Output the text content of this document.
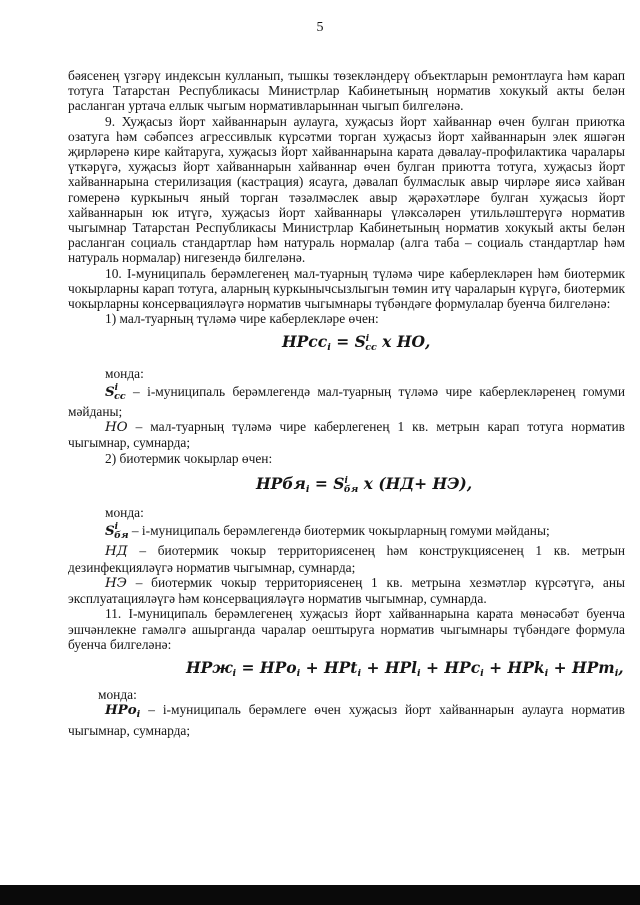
5

бәясенең үзгәрү индексын кулланып, тышкы төзекләндерү объектларын ремонтлауга һәм карап тотуга Татарстан Республикасы Министрлар Кабинетының норматив хокукый акты белән расланган уртача еллык чыгым нормативларыннан чыгып билгеләнә.

9. Хуҗасыз йорт хайваннарын аулауга, хуҗасыз йорт хайваннар өчен булган приютка озатуга һәм сәбәпсез агрессивлык күрсәтми торган хуҗасыз йорт хайваннарын элек яшәгән җирләренә кире кайтаруга, хуҗасыз йорт хайваннарына карата дәвалау-профилактика чаралары үткәрүгә, хуҗасыз йорт хайваннарын хайваннар өчен булган приютта тотуга, хуҗасыз йорт хайваннарына стерилизация (кастрация) ясауга, дәвалап булмаслык авыр чирләре яисә хайван гомеренә куркыныч яный торган тәзәлмәслек авыр җәрәхәтләре булган хуҗасыз йорт хайваннарын юк итүгә, хуҗасыз йорт хайваннары үләксәләрен утильләштерүгә норматив чыгымнар Татарстан Республикасы Министрлар Кабинетының норматив хокукый акты белән расланган социаль стандартлар һәм натураль нормалар (алга таба – социаль стандартлар һәм натураль нормалар) нигезендә билгеләнә.

10. I-муниципаль берәмлегенең мал-туарның түләмә чире каберлекләрен һәм биотермик чокырларны карап тотуга, аларның куркынычсызлыгын төмин итү чараларын күрүгә, биотермик чокырларны консервацияләүгә норматив чыгымнары түбәндәге формулалар буенча билгеләнә:

1) мал-туарның түләмә чире каберлекләре өчен:

НРсс$_i$ = $S^i_{сс}$ x НО,

монда:

$S^i_{сс}$ – i-муниципаль берәмлегендә мал-туарның түләмә чире каберлекләренең гомуми мәйданы;

НО – мал-туарның түләмә чире каберлегенең 1 кв. метрын карап тотуга норматив чыгымнар, сумнарда;

2) биотермик чокырлар өчен:

НРбя$_i$ = $S^i_{бя}$ x (НД+ НЭ),

монда:

$S^i_{бя}$ – i-муниципаль берәмлегендә биотермик чокырларның гомуми мәйданы;

НД – биотермик чокыр территориясенең һәм конструкциясенең 1 кв. метрын дезинфекцияләүгә норматив чыгымнар, сумнарда;

НЭ – биотермик чокыр территориясенең 1 кв. метрына хезмәтләр күрсәтүгә, аны эксплуатацияләүгә һәм консервацияләүгә норматив чыгымнар, сумнарда.

11. I-муниципаль берәмлегенең хуҗасыз йорт хайваннарына карата мөнәсәбәт буенча эшчәнлекне гамәлгә ашырганда чаралар оештыруга норматив чыгымнары түбәндәге формула буенча билгеләнә:

НРж$_i$ = НРо$_i$ + НРt$_i$ + НРl$_i$ + НРс$_i$ + НРk$_i$ + НРm$_i$,

монда:

НРо$_i$ – i-муниципаль берәмлеге өчен хуҗасыз йорт хайваннарын аулауга норматив чыгымнар, сумнарда;
